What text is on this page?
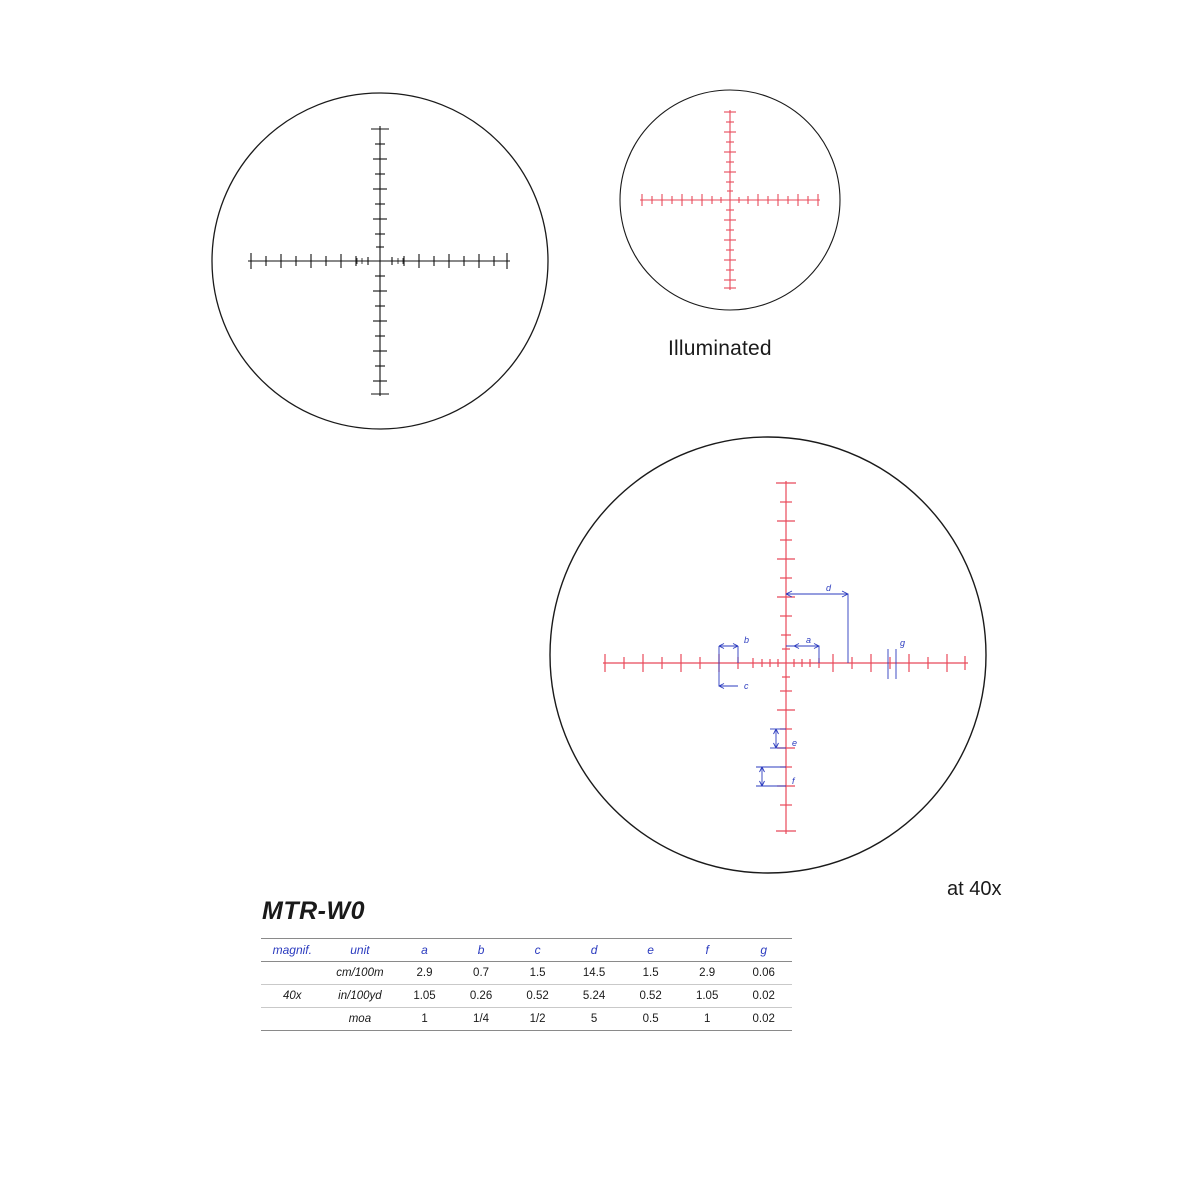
d
a
b
c
g
e
f
Illuminated
at 40x
MTR-W0
magnif.	unit	a	b	c	d	e	f	g
	cm/100m	2.9	0.7	1.5	14.5	1.5	2.9	0.06
40x	in/100yd	1.05	0.26	0.52	5.24	0.52	1.05	0.02
	moa	1	1/4	1/2	5	0.5	1	0.02
